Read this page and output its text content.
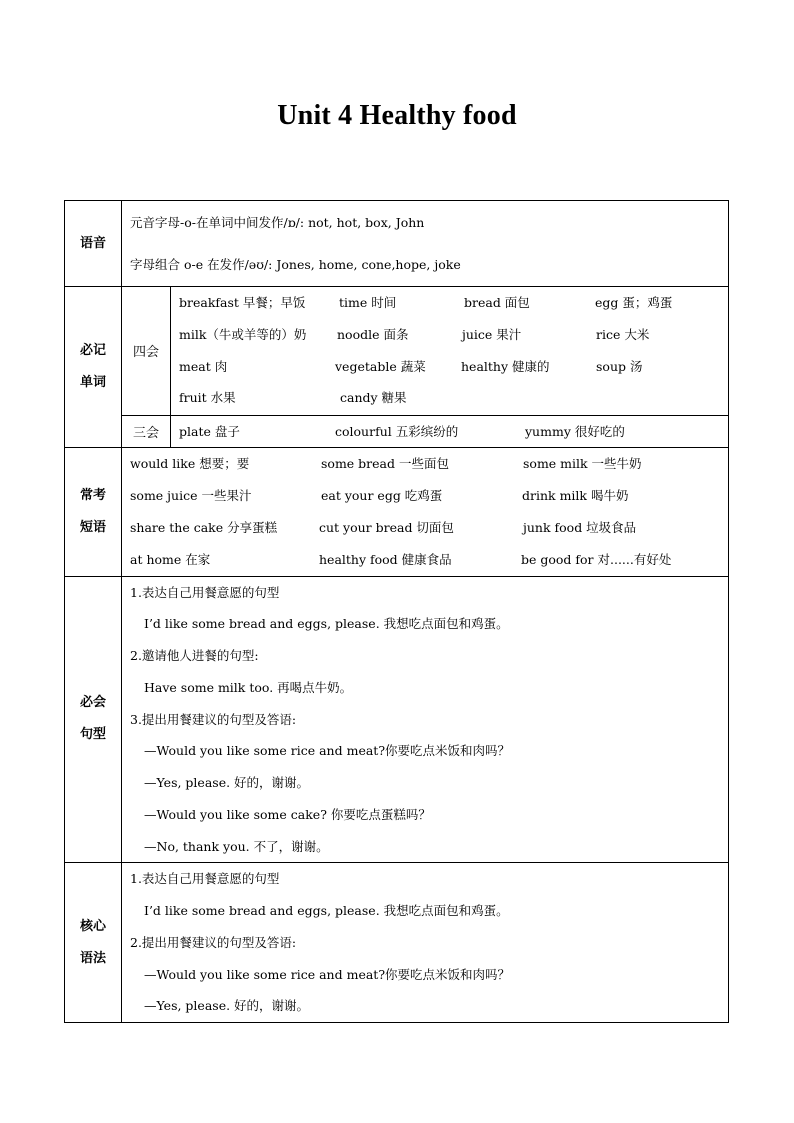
Unit 4 Healthy food
语音	
元音字母-o-在单词中间发作/ɒ/: not, hot, box, John
字母组合 o-e 在发作/əʊ/: Jones, home, cone,hope, joke

必记
单词

四会	
breakfast 早餐；早饭	time 时间	bread 面包	egg 蛋；鸡蛋
milk（牛或羊等的）奶 noodle 面条	juice 果汁	rice 大米
meat 肉	vegetable 蔬菜	healthy 健康的	soup 汤
fruit 水果	candy 糖果

三会	plate 盘子	colourful 五彩缤纷的	yummy 很好吃的

常考
短语

would like 想要；要	some bread 一些面包	some milk 一些牛奶
some juice 一些果汁	eat your egg 吃鸡蛋	drink milk 喝牛奶
share the cake 分享蛋糕	cut your bread 切面包	junk food 垃圾食品
at home 在家	healthy food 健康食品	be good for 对......有好处

必会
句型

1.表达自己用餐意愿的句型
I’d like some bread and eggs, please. 我想吃点面包和鸡蛋。
2.邀请他人进餐的句型:
Have some milk too. 再喝点牛奶。
3.提出用餐建议的句型及答语:
—Would you like some rice and meat?你要吃点米饭和肉吗？
—Yes, please. 好的，谢谢。
—Would you like some cake? 你要吃点蛋糕吗？
—No, thank you. 不了，谢谢。

核心
语法

1.表达自己用餐意愿的句型
I’d like some bread and eggs, please. 我想吃点面包和鸡蛋。
2.提出用餐建议的句型及答语:
—Would you like some rice and meat?你要吃点米饭和肉吗？
—Yes, please. 好的，谢谢。
